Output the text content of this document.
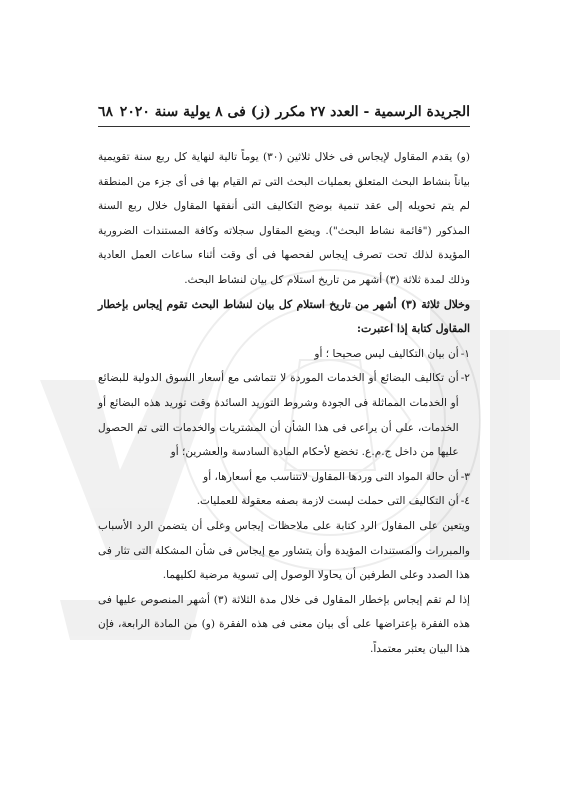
الجريدة الرسمية - العدد ٢٧ مكرر (ز) فى ٨ يولية سنة ٢٠٢٠
٦٨

(و) يقدم المقاول لإيجاس فى خلال ثلاثين (٣٠) يوماً تالية لنهاية كل ربع سنة تقويمية بياناً بنشاط البحث المتعلق بعمليات البحث التى تم القيام بها فى أى جزء من المنطقة لم يتم تحويله إلى عقد تنمية بوضح التكاليف التى أنفقها المقاول خلال ربع السنة المذكور ("قائمة نشاط البحث"). ويضع المقاول سجلاته وكافة المستندات الضرورية المؤيدة لذلك تحت تصرف إيجاس لفحصها فى أى وقت أثناء ساعات العمل العادية وذلك لمدة ثلاثة (٣) أشهر من تاريخ استلام كل بيان لنشاط البحث.

وخلال ثلاثة (٣) أشهر من تاريخ استلام كل بيان لنشاط البحث تقوم إيجاس بإخطار المقاول كتابة إذا اعتبرت:

١-
أن بيان التكاليف ليس صحيحا ؛ أو
٢-
أن تكاليف البضائع أو الخدمات الموردة لا تتماشى مع أسعار السوق الدولية للبضائع أو الخدمات المماثلة فى الجودة وشروط التوريد السائدة وقت توريد هذه البضائع أو الخدمات، على أن يراعى فى هذا الشأن أن المشتريات والخدمات التى تم الحصول عليها من داخل ج.م.ع. تخضع لأحكام المادة السادسة والعشرين؛ أو
٣-
أن حالة المواد التى وردها المقاول لاتتناسب مع أسعارها، أو
٤-
أن التكاليف التى حملت ليست لازمة بصفه معقولة للعمليات.

ويتعين على المقاول الرد كتابة على ملاحظات إيجاس وعلى أن يتضمن الرد الأسباب والمبررات والمستندات المؤيدة وأن يتشاور مع إيجاس فى شأن المشكلة التى تثار فى هذا الصدد وعلى الطرفين أن يحاولا الوصول إلى تسوية مرضية لكليهما.

إذا لم تقم إيجاس بإخطار المقاول فى خلال مدة الثلاثة (٣) أشهر المنصوص عليها فى هذه الفقرة بإعتراضها على أى بيان معنى فى هذه الفقرة (و) من المادة الرابعة، فإن هذا البيان يعتبر معتمداً.
